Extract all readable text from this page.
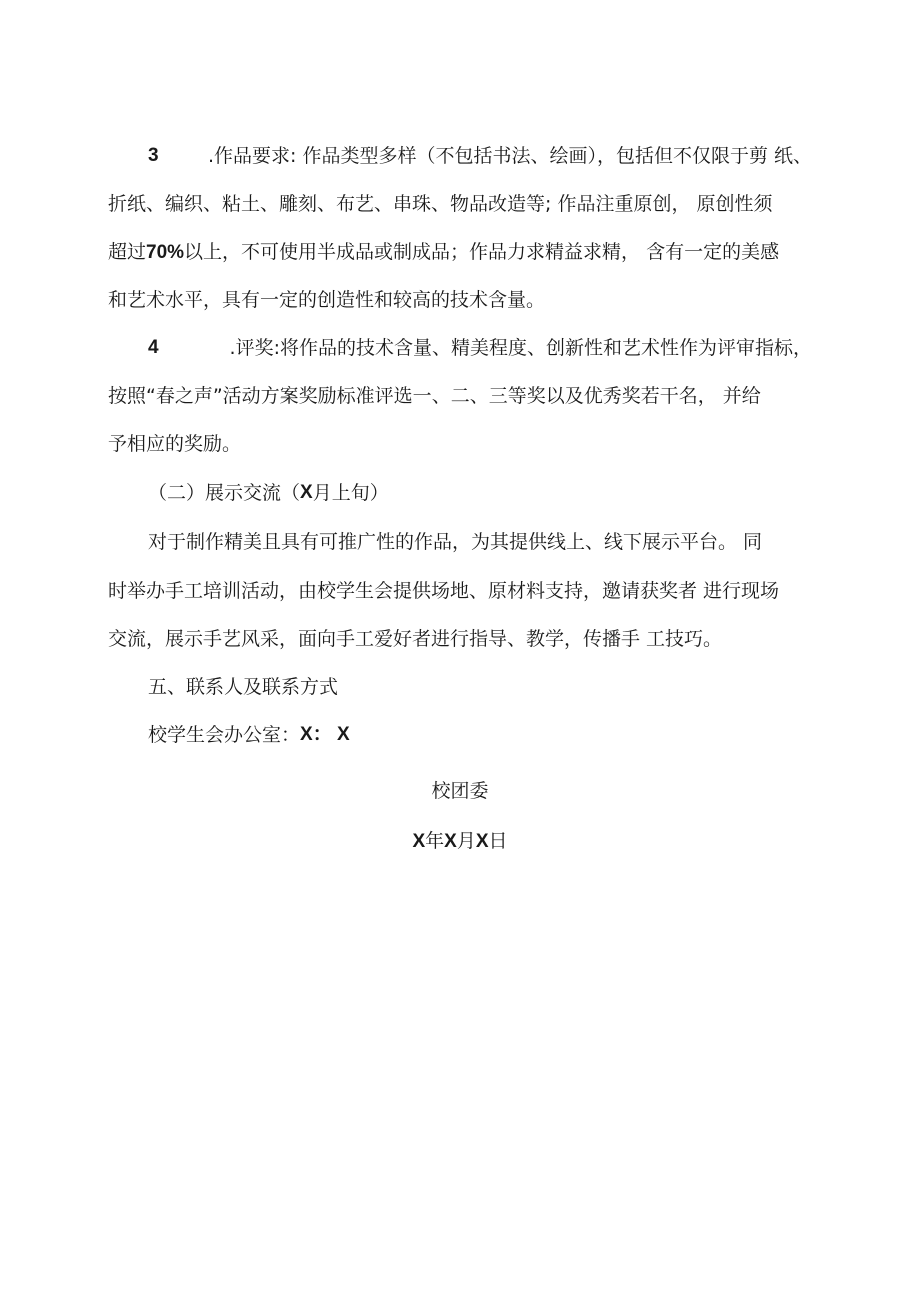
3	.作品要求: 作品类型多样（不包括书法、绘画），包括但不仅限于剪 纸、
折纸、编织、粘土、雕刻、布艺、串珠、物品改造等; 作品注重原创， 原创性须
超过70%以上，不可使用半成品或制成品；作品力求精益求精， 含有一定的美感
和艺术水平，具有一定的创造性和较高的技术含量。
4	.评奖:将作品的技术含量、精美程度、创新性和艺术性作为评审指标，
按照“春之声”活动方案奖励标准评选一、二、三等奖以及优秀奖若干名， 并给
予相应的奖励。
（二）展示交流（ X 月上旬）
对于制作精美且具有可推广性的作品，为其提供线上、线下展示平台。 同
时举办手工培训活动，由校学生会提供场地、原材料支持，邀请获奖者 进行现场
交流，展示手艺风采，面向手工爱好者进行指导、教学，传播手 工技巧。
五、联系人及联系方式
校学生会办公室： X： X
校团委
X年X月X日
